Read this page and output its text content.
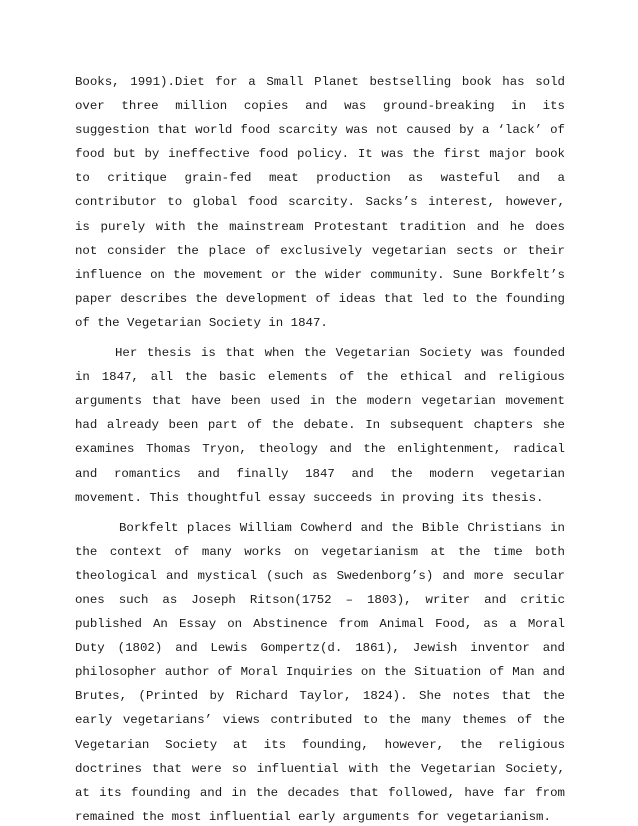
Books, 1991).Diet for a Small Planet bestselling book has sold over three million copies and was ground-breaking in its suggestion that world food scarcity was not caused by a ‘lack’ of food but by ineffective food policy. It was the first major book to critique grain-fed meat production as wasteful and a contributor to global food scarcity. Sacks’s interest, however, is purely with the mainstream Protestant tradition and he does not consider the place of exclusively vegetarian sects or their influence on the movement or the wider community. Sune Borkfelt’s paper describes the development of ideas that led to the founding of the Vegetarian Society in 1847.

Her thesis is that when the Vegetarian Society was founded in 1847, all the basic elements of the ethical and religious arguments that have been used in the modern vegetarian movement had already been part of the debate. In subsequent chapters she examines Thomas Tryon, theology and the enlightenment, radical and romantics and finally 1847 and the modern vegetarian movement. This thoughtful essay succeeds in proving its thesis.

Borkfelt places William Cowherd and the Bible Christians in the context of many works on vegetarianism at the time both theological and mystical (such as Swedenborg’s) and more secular ones such as Joseph Ritson(1752 – 1803), writer and critic published An Essay on Abstinence from Animal Food, as a Moral Duty (1802) and Lewis Gompertz(d. 1861), Jewish inventor and philosopher author of Moral Inquiries on the Situation of Man and Brutes, (Printed by Richard Taylor, 1824). She notes that the early vegetarians’ views contributed to the many themes of the Vegetarian Society at its founding, however, the religious doctrines that were so influential with the Vegetarian Society, at its founding and in the decades that followed, have far from remained the most influential early arguments for vegetarianism.
